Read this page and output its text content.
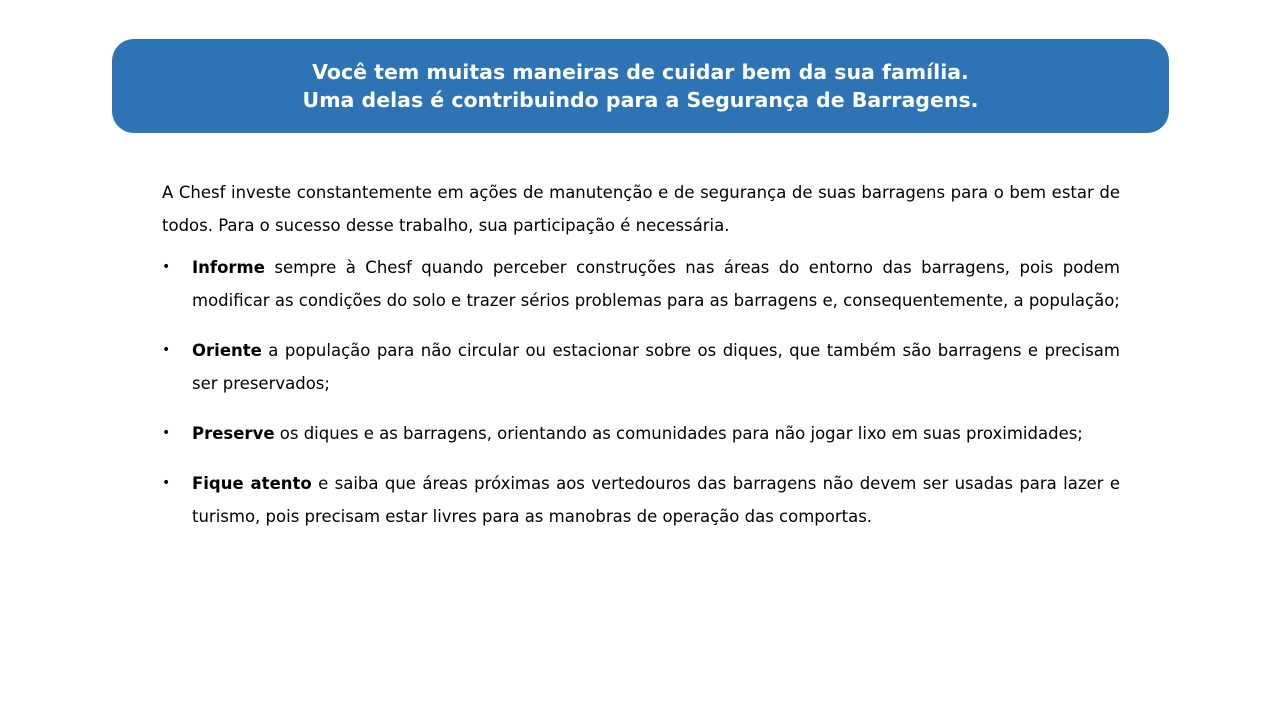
Você tem muitas maneiras de cuidar bem da sua família.
Uma delas é contribuindo para a Segurança de Barragens.

A Chesf investe constantemente em ações de manutenção e de segurança de suas barragens para o bem estar de todos. Para o sucesso desse trabalho, sua participação é necessária.

• Informe sempre à Chesf quando perceber construções nas áreas do entorno das barragens, pois podem modificar as condições do solo e trazer sérios problemas para as barragens e, consequentemente, a população;
• Oriente a população para não circular ou estacionar sobre os diques, que também são barragens e precisam ser preservados;
• Preserve os diques e as barragens, orientando as comunidades para não jogar lixo em suas proximidades;
• Fique atento e saiba que áreas próximas aos vertedouros das barragens não devem ser usadas para lazer e turismo, pois precisam estar livres para as manobras de operação das comportas.
